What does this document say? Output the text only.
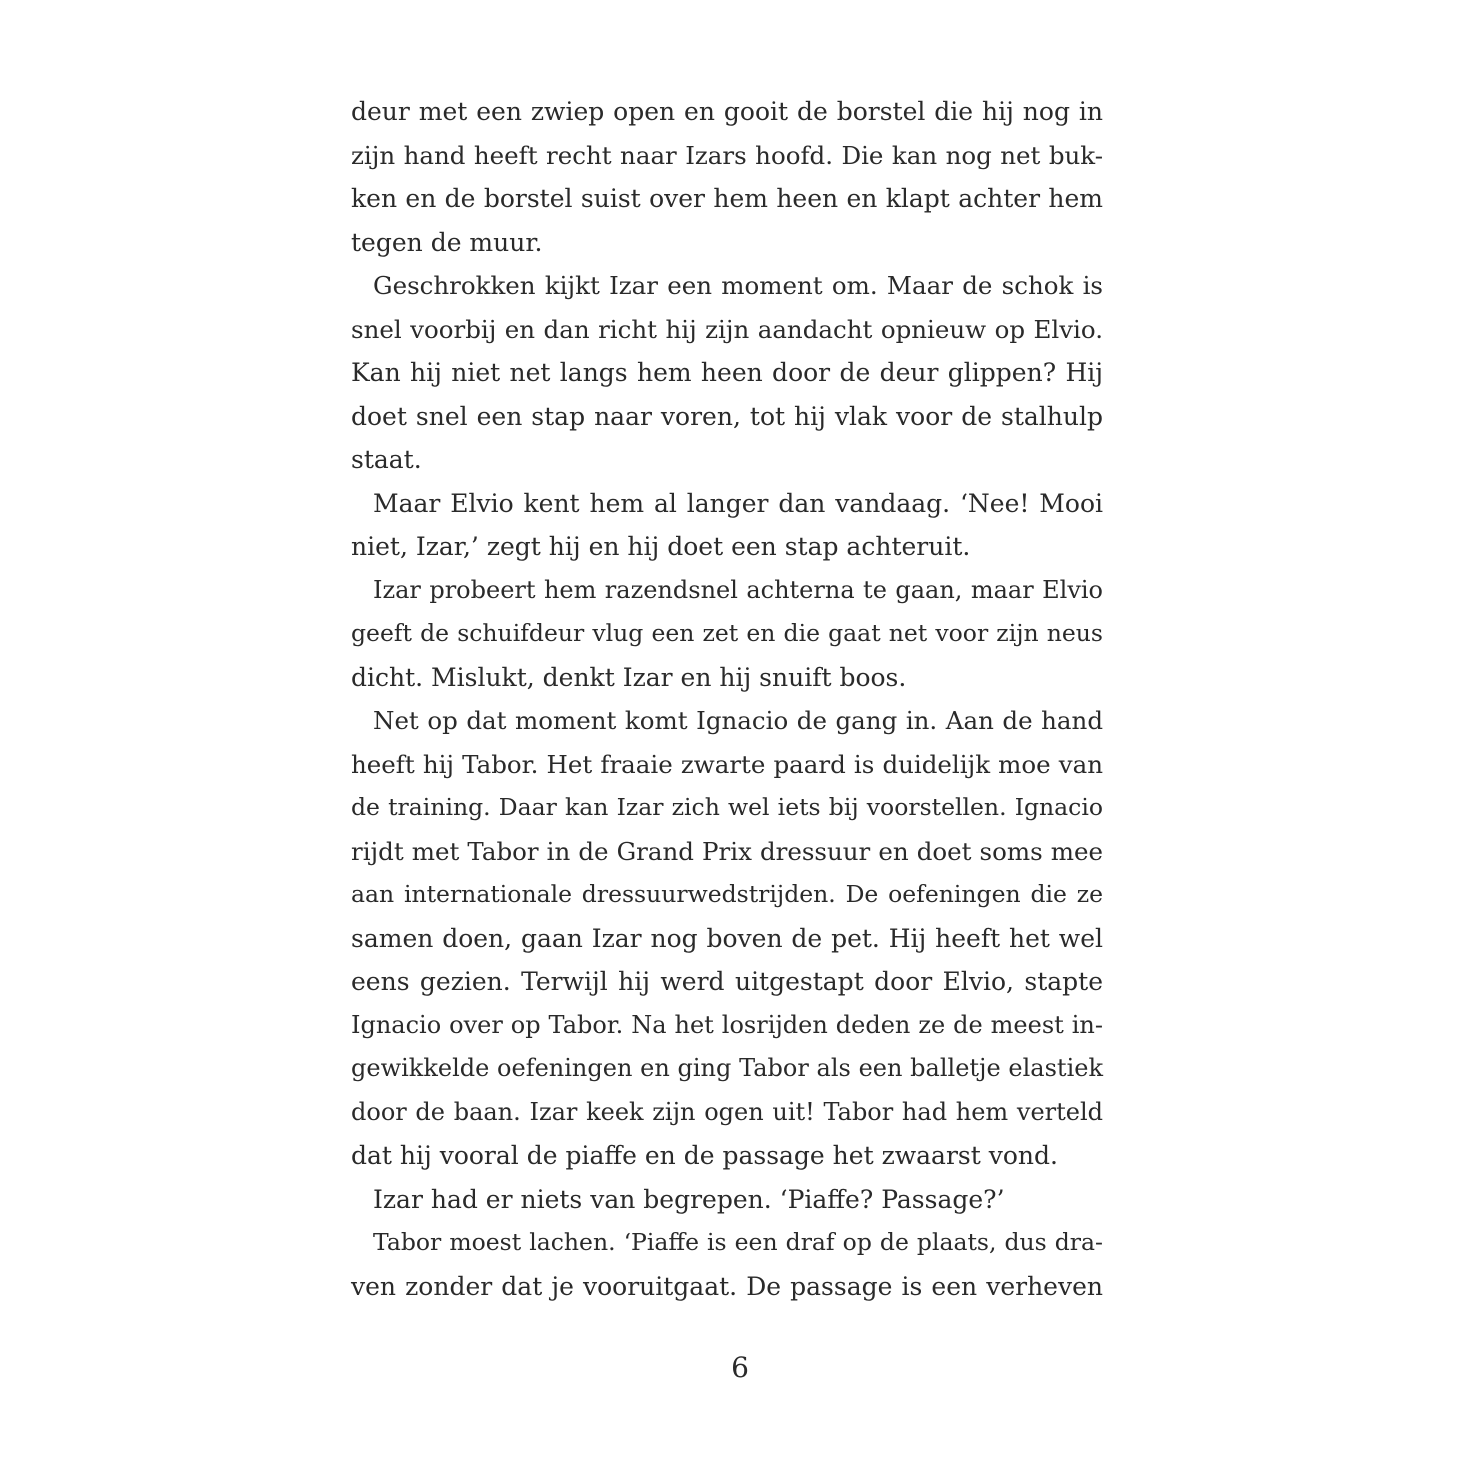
deur met een zwiep open en gooit de borstel die hij nog in
zijn hand heeft recht naar Izars hoofd. Die kan nog net buk-
ken en de borstel suist over hem heen en klapt achter hem
tegen de muur.
Geschrokken kijkt Izar een moment om. Maar de schok is
snel voorbij en dan richt hij zijn aandacht opnieuw op Elvio.
Kan hij niet net langs hem heen door de deur glippen? Hij
doet snel een stap naar voren, tot hij vlak voor de stalhulp
staat.
Maar Elvio kent hem al langer dan vandaag. ‘Nee! Mooi
niet, Izar,’ zegt hij en hij doet een stap achteruit.
Izar probeert hem razendsnel achterna te gaan, maar Elvio
geeft de schuifdeur vlug een zet en die gaat net voor zijn neus
dicht. Mislukt, denkt Izar en hij snuift boos.
Net op dat moment komt Ignacio de gang in. Aan de hand
heeft hij Tabor. Het fraaie zwarte paard is duidelijk moe van
de training. Daar kan Izar zich wel iets bij voorstellen. Ignacio
rijdt met Tabor in de Grand Prix dressuur en doet soms mee
aan internationale dressuurwedstrijden. De oefeningen die ze
samen doen, gaan Izar nog boven de pet. Hij heeft het wel
eens gezien. Terwijl hij werd uitgestapt door Elvio, stapte
Ignacio over op Tabor. Na het losrijden deden ze de meest in-
gewikkelde oefeningen en ging Tabor als een balletje elastiek
door de baan. Izar keek zijn ogen uit! Tabor had hem verteld
dat hij vooral de piaffe en de passage het zwaarst vond.
Izar had er niets van begrepen. ‘Piaffe? Passage?’
Tabor moest lachen. ‘Piaffe is een draf op de plaats, dus dra-
ven zonder dat je vooruitgaat. De passage is een verheven
6
